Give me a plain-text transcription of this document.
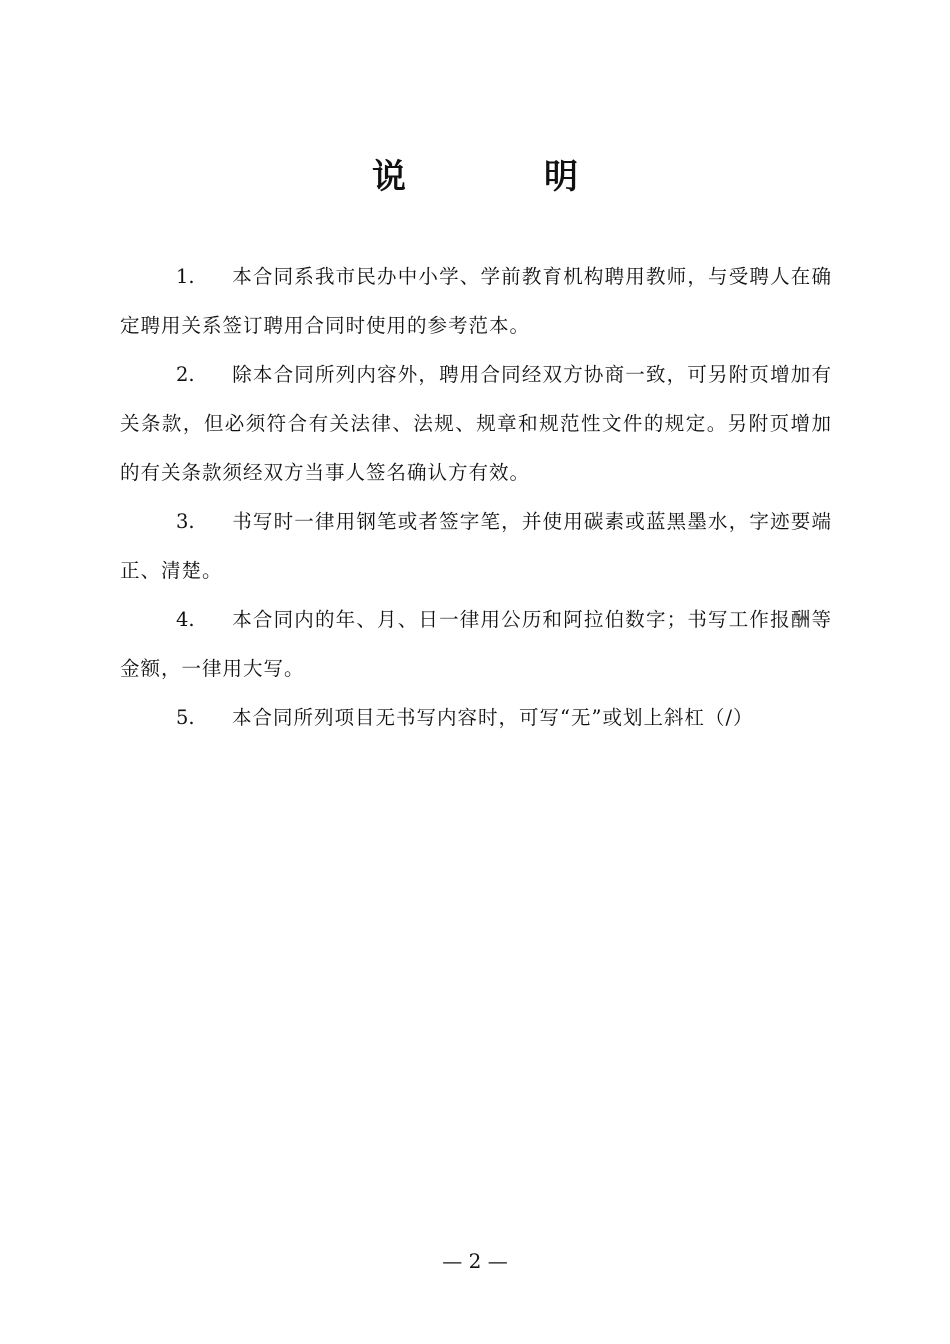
说　明

1. 本合同系我市民办中小学、学前教育机构聘用教师，与受聘人在确定聘用关系签订聘用合同时使用的参考范本。

2. 除本合同所列内容外，聘用合同经双方协商一致，可另附页增加有关条款，但必须符合有关法律、法规、规章和规范性文件的规定。另附页增加的有关条款须经双方当事人签名确认方有效。

3. 书写时一律用钢笔或者签字笔，并使用碳素或蓝黑墨水，字迹要端正、清楚。

4. 本合同内的年、月、日一律用公历和阿拉伯数字；书写工作报酬等金额，一律用大写。

5. 本合同所列项目无书写内容时，可写“无”或划上斜杠（/）

— 2 —
